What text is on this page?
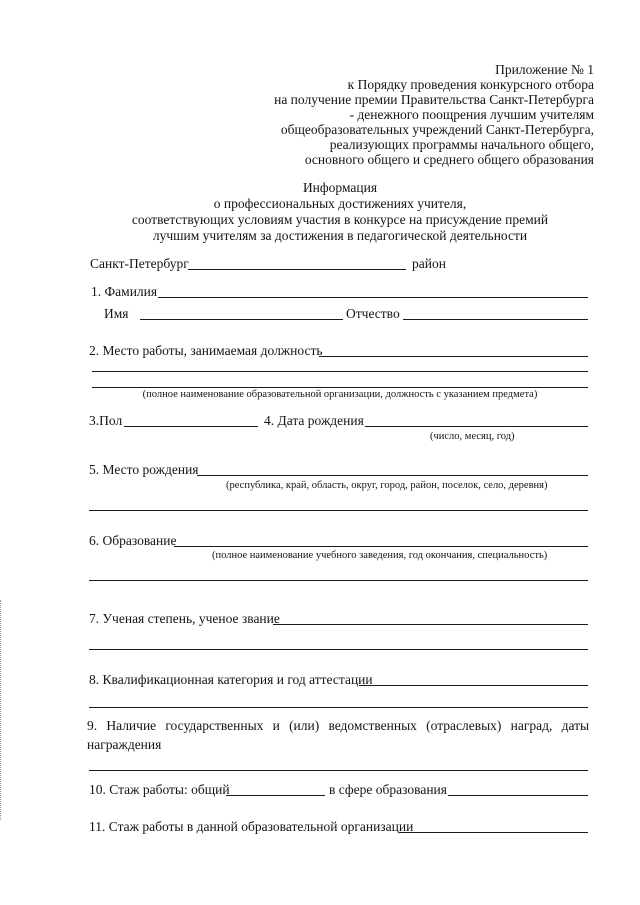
Приложение № 1
к Порядку проведения конкурсного отбора
на получение премии Правительства Санкт-Петербурга
- денежного поощрения лучшим учителям
общеобразовательных учреждений Санкт-Петербурга,
реализующих программы начального общего,
основного общего и среднего общего образования
Информация
о профессиональных достижениях учителя,
соответствующих условиям участия в конкурсе на присуждение премий
лучшим учителям за достижения в педагогической деятельности
Санкт-Петербург	район
1. Фамилия
Имя	Отчество
2. Место работы, занимаемая должность
(полное наименование образовательной организации, должность с указанием предмета)
3.Пол	4. Дата рождения
(число, месяц, год)
5. Место рождения
(республика, край, область, округ, город, район, поселок, село, деревня)
6. Образование
(полное наименование учебного заведения, год окончания, специальность)
7. Ученая степень, ученое звание
8. Квалификационная категория и год аттестации
9. Наличие государственных и (или) ведомственных (отраслевых) наград, даты
награждения
10. Стаж работы: общий	в сфере образования
11. Стаж работы в данной образовательной организации
